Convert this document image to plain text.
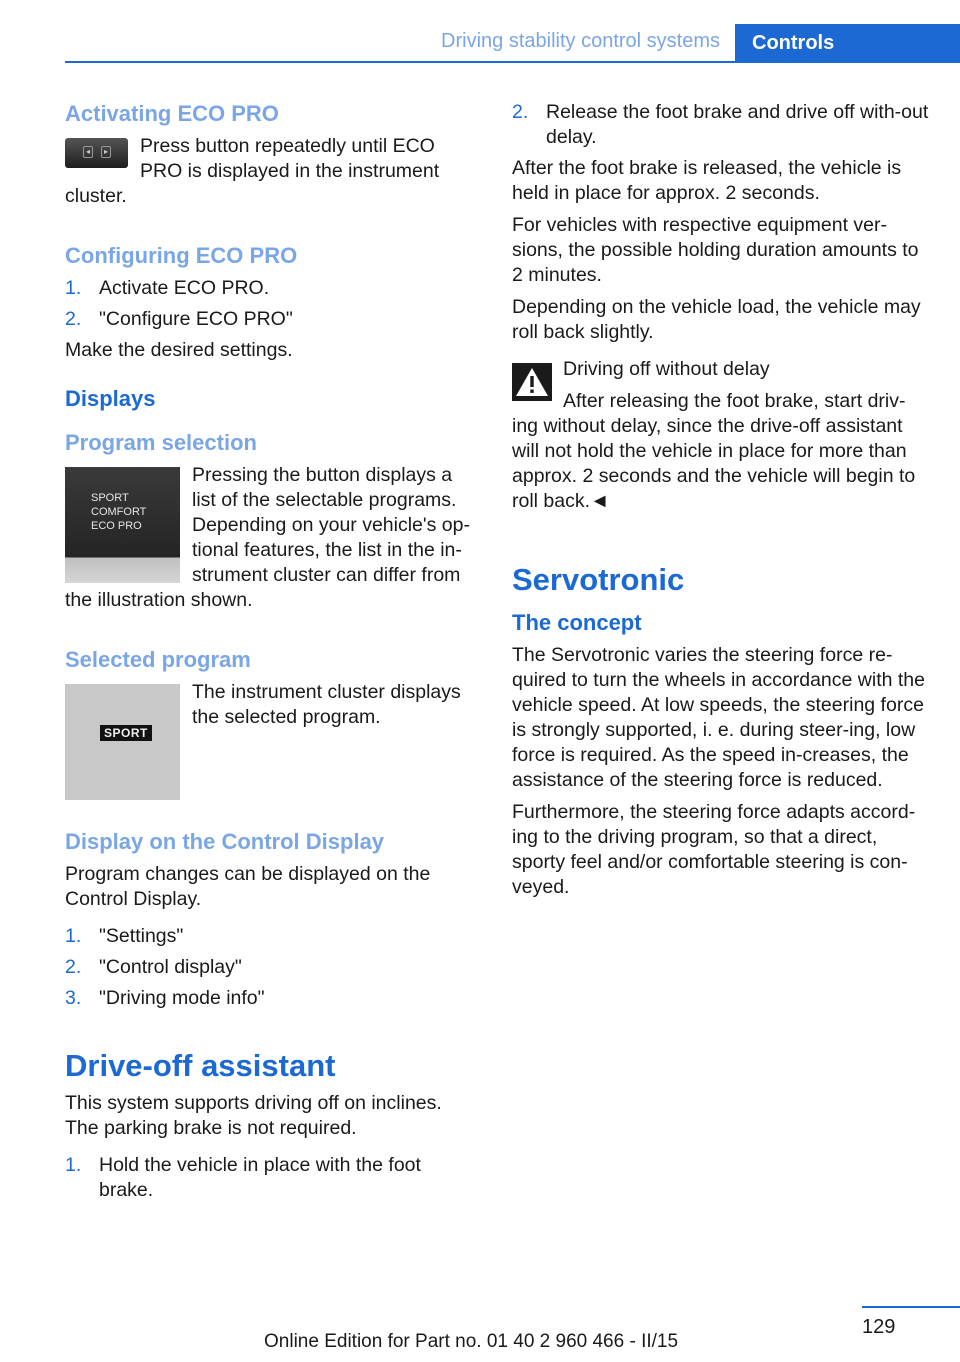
Driving stability control systems	Controls
Activating ECO PRO
◂	▸	Press button repeatedly until ECO PRO is displayed in the instrument cluster.

Configuring ECO PRO
1. Activate ECO PRO.
2. "Configure ECO PRO"

Make the desired settings.

Displays
Program selection
SPORT
COMFORT
ECO PRO

Pressing the button displays a list of the selectable programs. Depending on your vehicle's op-tional features, the list in the in-strument cluster can differ from the illustration shown.

Selected program
SPORT

The instrument cluster displays the selected program.

Display on the Control Display

Program changes can be displayed on the Control Display.

1. "Settings"
2. "Control display"
3. "Driving mode info"
Drive-off assistant

This system supports driving off on inclines. The parking brake is not required.

1. Hold the vehicle in place with the foot brake.
2. Release the foot brake and drive off with-out delay.

After the foot brake is released, the vehicle is held in place for approx. 2 seconds.

For vehicles with respective equipment ver-sions, the possible holding duration amounts to 2 minutes.

Depending on the vehicle load, the vehicle may roll back slightly.

Driving off without delay

After releasing the foot brake, start driv-ing without delay, since the drive-off assistant will not hold the vehicle in place for more than approx. 2 seconds and the vehicle will begin to roll back.◄

Servotronic
The concept

The Servotronic varies the steering force re-quired to turn the wheels in accordance with the vehicle speed. At low speeds, the steering force is strongly supported, i. e. during steer-ing, low force is required. As the speed in-creases, the assistance of the steering force is reduced.

Furthermore, the steering force adapts accord-ing to the driving program, so that a direct, sporty feel and/or comfortable steering is con-veyed.

129
Online Edition for Part no. 01 40 2 960 466 - II/15
